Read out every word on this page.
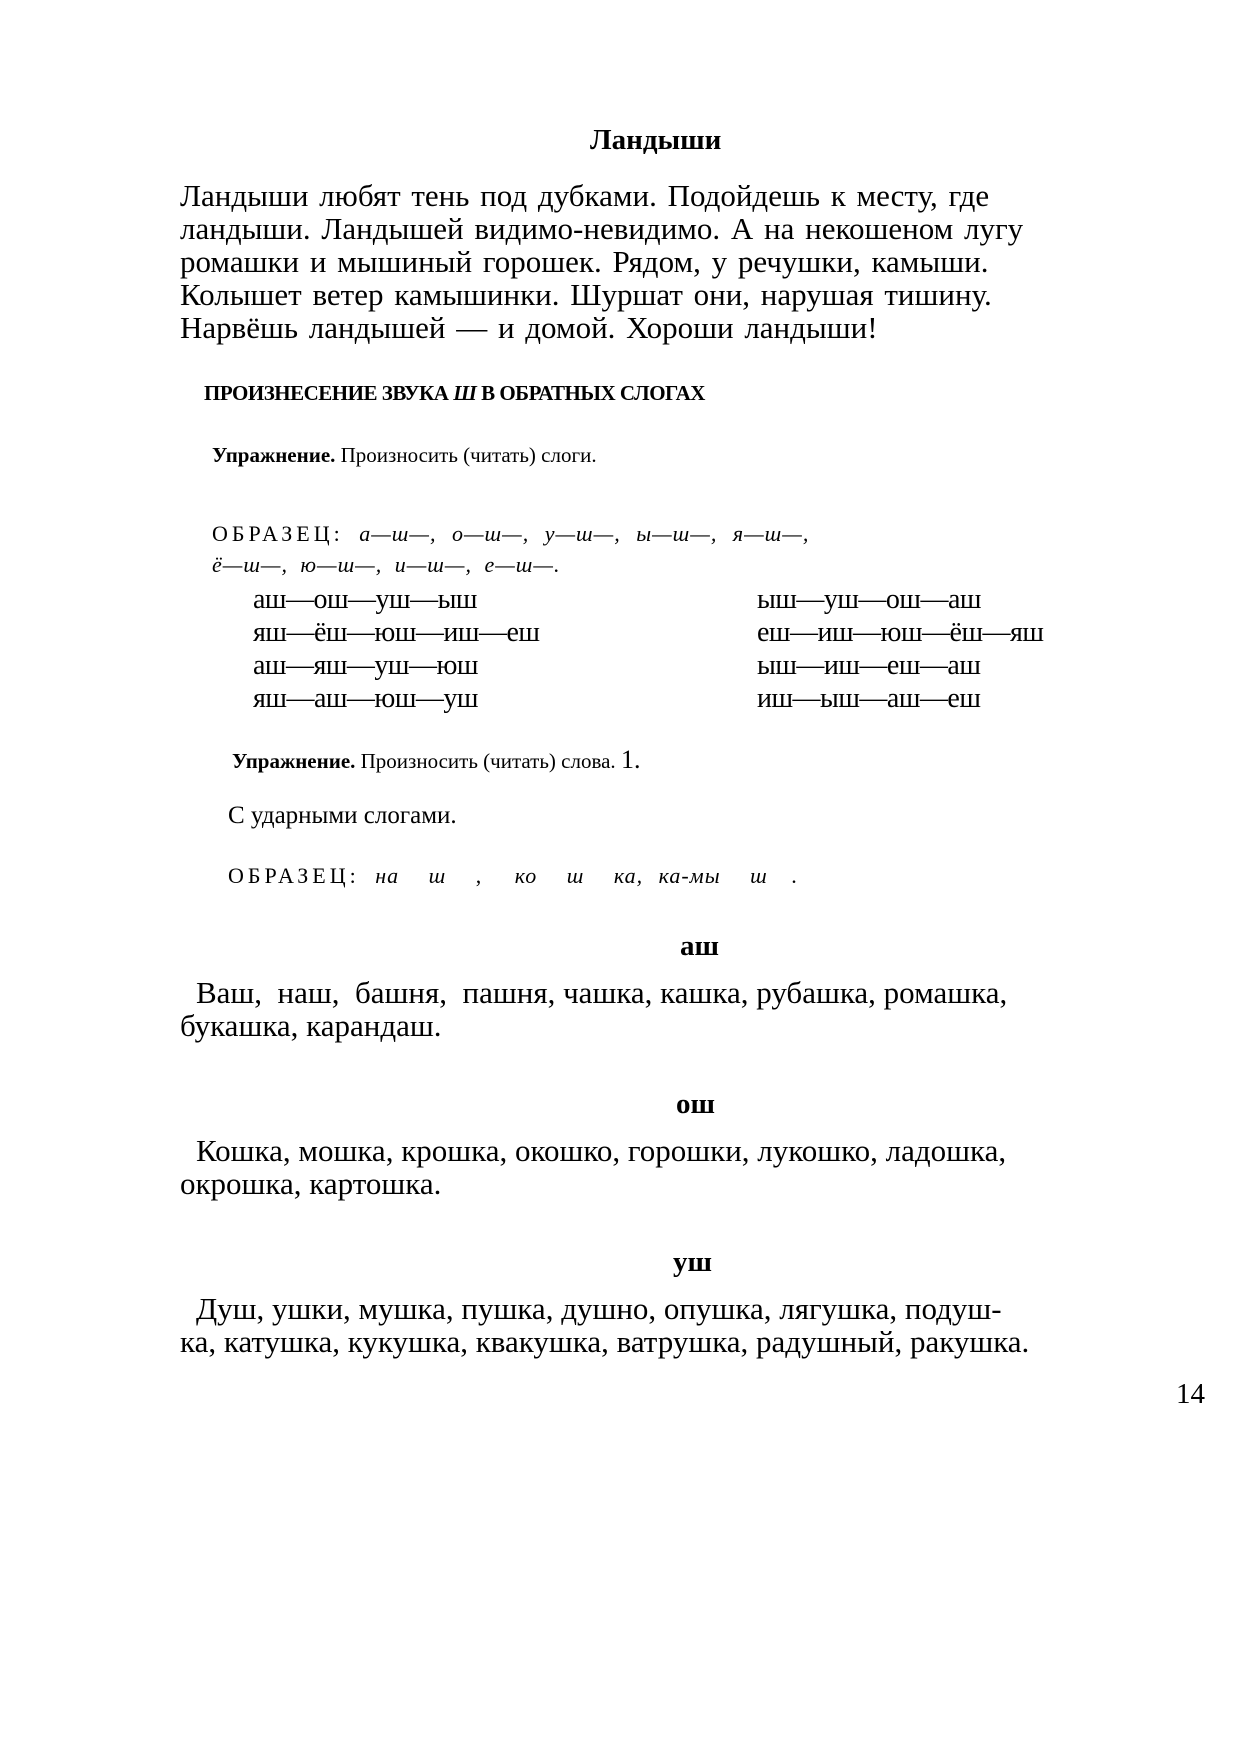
Ландыши
Ландыши любят тень под дубками. Подойдешь к месту, где
ландыши. Ландышей видимо-невидимо. А на некошеном лугу
ромашки и мышиный горошек. Рядом, у речушки, камыши.
Колышет ветер камышинки. Шуршат они, нарушая тишину.
Нарвёшь ландышей — и домой. Хороши ландыши!
ПРОИЗНЕСЕНИЕ ЗВУКА Ш В ОБРАТНЫХ СЛОГАХ
Упражнение. Произносить (читать) слоги.
ОБРАЗЕЦ: а—ш—, о—ш—, у—ш—, ы—ш—, я—ш—,
ё—ш—, ю—ш—, и—ш—, е—ш—.
аш—ош—уш—ыш
яш—ёш—юш—иш—еш
аш—яш—уш—юш
яш—аш—юш—уш
ыш—уш—ош—аш
еш—иш—юш—ёш—яш
ыш—иш—еш—аш
иш—ыш—аш—еш
Упражнение. Произносить (читать) слова. 1.
С ударными слогами.
ОБРАЗЕЦ: на ш , ко ш ка, ка-мы ш .
аш
Ваш,  наш,  башня,  пашня, чашка, кашка, рубашка, ромашка,
букашка, карандаш.
ош
Кошка, мошка, крошка, окошко, горошки, лукошко, ладошка,
окрошка, картошка.
уш
Душ, ушки, мушка, пушка, душно, опушка, лягушка, подуш-
ка, катушка, кукушка, квакушка, ватрушка, радушный, ракушка.
14
